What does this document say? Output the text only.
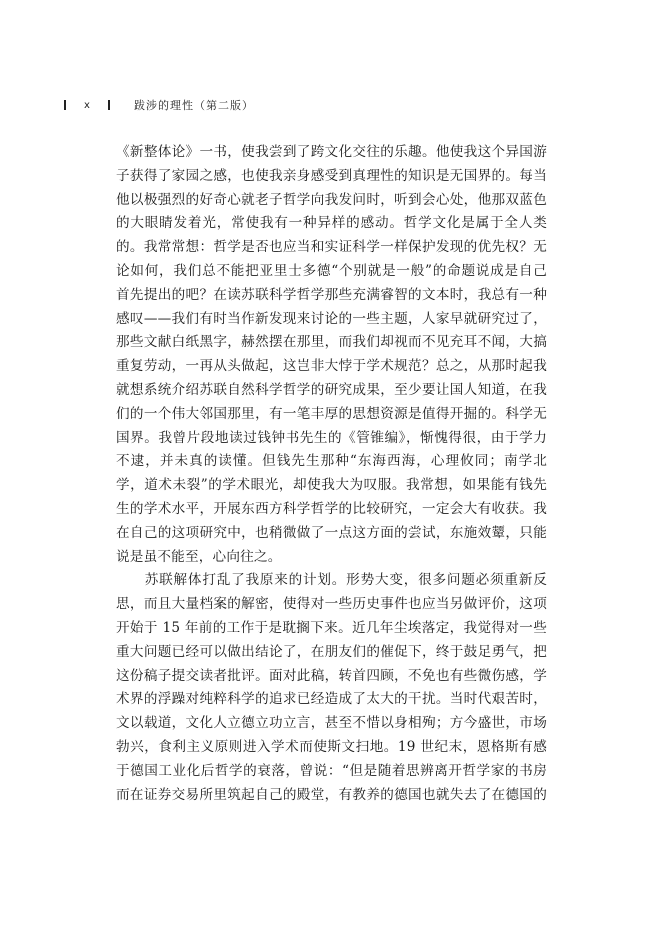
x	跋涉的理性（第二版）
《新整体论》一书，使我尝到了跨文化交往的乐趣。他使我这个异国游
子获得了家园之感，也使我亲身感受到真理性的知识是无国界的。每当
他以极强烈的好奇心就老子哲学向我发问时，听到会心处，他那双蓝色
的大眼睛发着光，常使我有一种异样的感动。哲学文化是属于全人类
的。我常常想：哲学是否也应当和实证科学一样保护发现的优先权？无
论如何，我们总不能把亚里士多德“个别就是一般”的命题说成是自己
首先提出的吧？在读苏联科学哲学那些充满睿智的文本时，我总有一种
感叹——我们有时当作新发现来讨论的一些主题，人家早就研究过了，
那些文献白纸黑字，赫然摆在那里，而我们却视而不见充耳不闻，大搞
重复劳动，一再从头做起，这岂非大悖于学术规范？总之，从那时起我
就想系统介绍苏联自然科学哲学的研究成果，至少要让国人知道，在我
们的一个伟大邻国那里，有一笔丰厚的思想资源是值得开掘的。科学无
国界。我曾片段地读过钱钟书先生的《管锥编》，惭愧得很，由于学力
不逮，并未真的读懂。但钱先生那种“东海西海，心理攸同；南学北
学，道术未裂”的学术眼光，却使我大为叹服。我常想，如果能有钱先
生的学术水平，开展东西方科学哲学的比较研究，一定会大有收获。我
在自己的这项研究中，也稍微做了一点这方面的尝试，东施效颦，只能
说是虽不能至，心向往之。
　　苏联解体打乱了我原来的计划。形势大变，很多问题必须重新反
思，而且大量档案的解密，使得对一些历史事件也应当另做评价，这项
开始于 15 年前的工作于是耽搁下来。近几年尘埃落定，我觉得对一些
重大问题已经可以做出结论了，在朋友们的催促下，终于鼓足勇气，把
这份稿子提交读者批评。面对此稿，转首四顾，不免也有些微伤感，学
术界的浮躁对纯粹科学的追求已经造成了太大的干扰。当时代艰苦时，
文以载道，文化人立德立功立言，甚至不惜以身相殉；方今盛世，市场
勃兴，食利主义原则进入学术而使斯文扫地。19 世纪末，恩格斯有感
于德国工业化后哲学的衰落，曾说：“但是随着思辨离开哲学家的书房
而在证券交易所里筑起自己的殿堂，有教养的德国也就失去了在德国的
